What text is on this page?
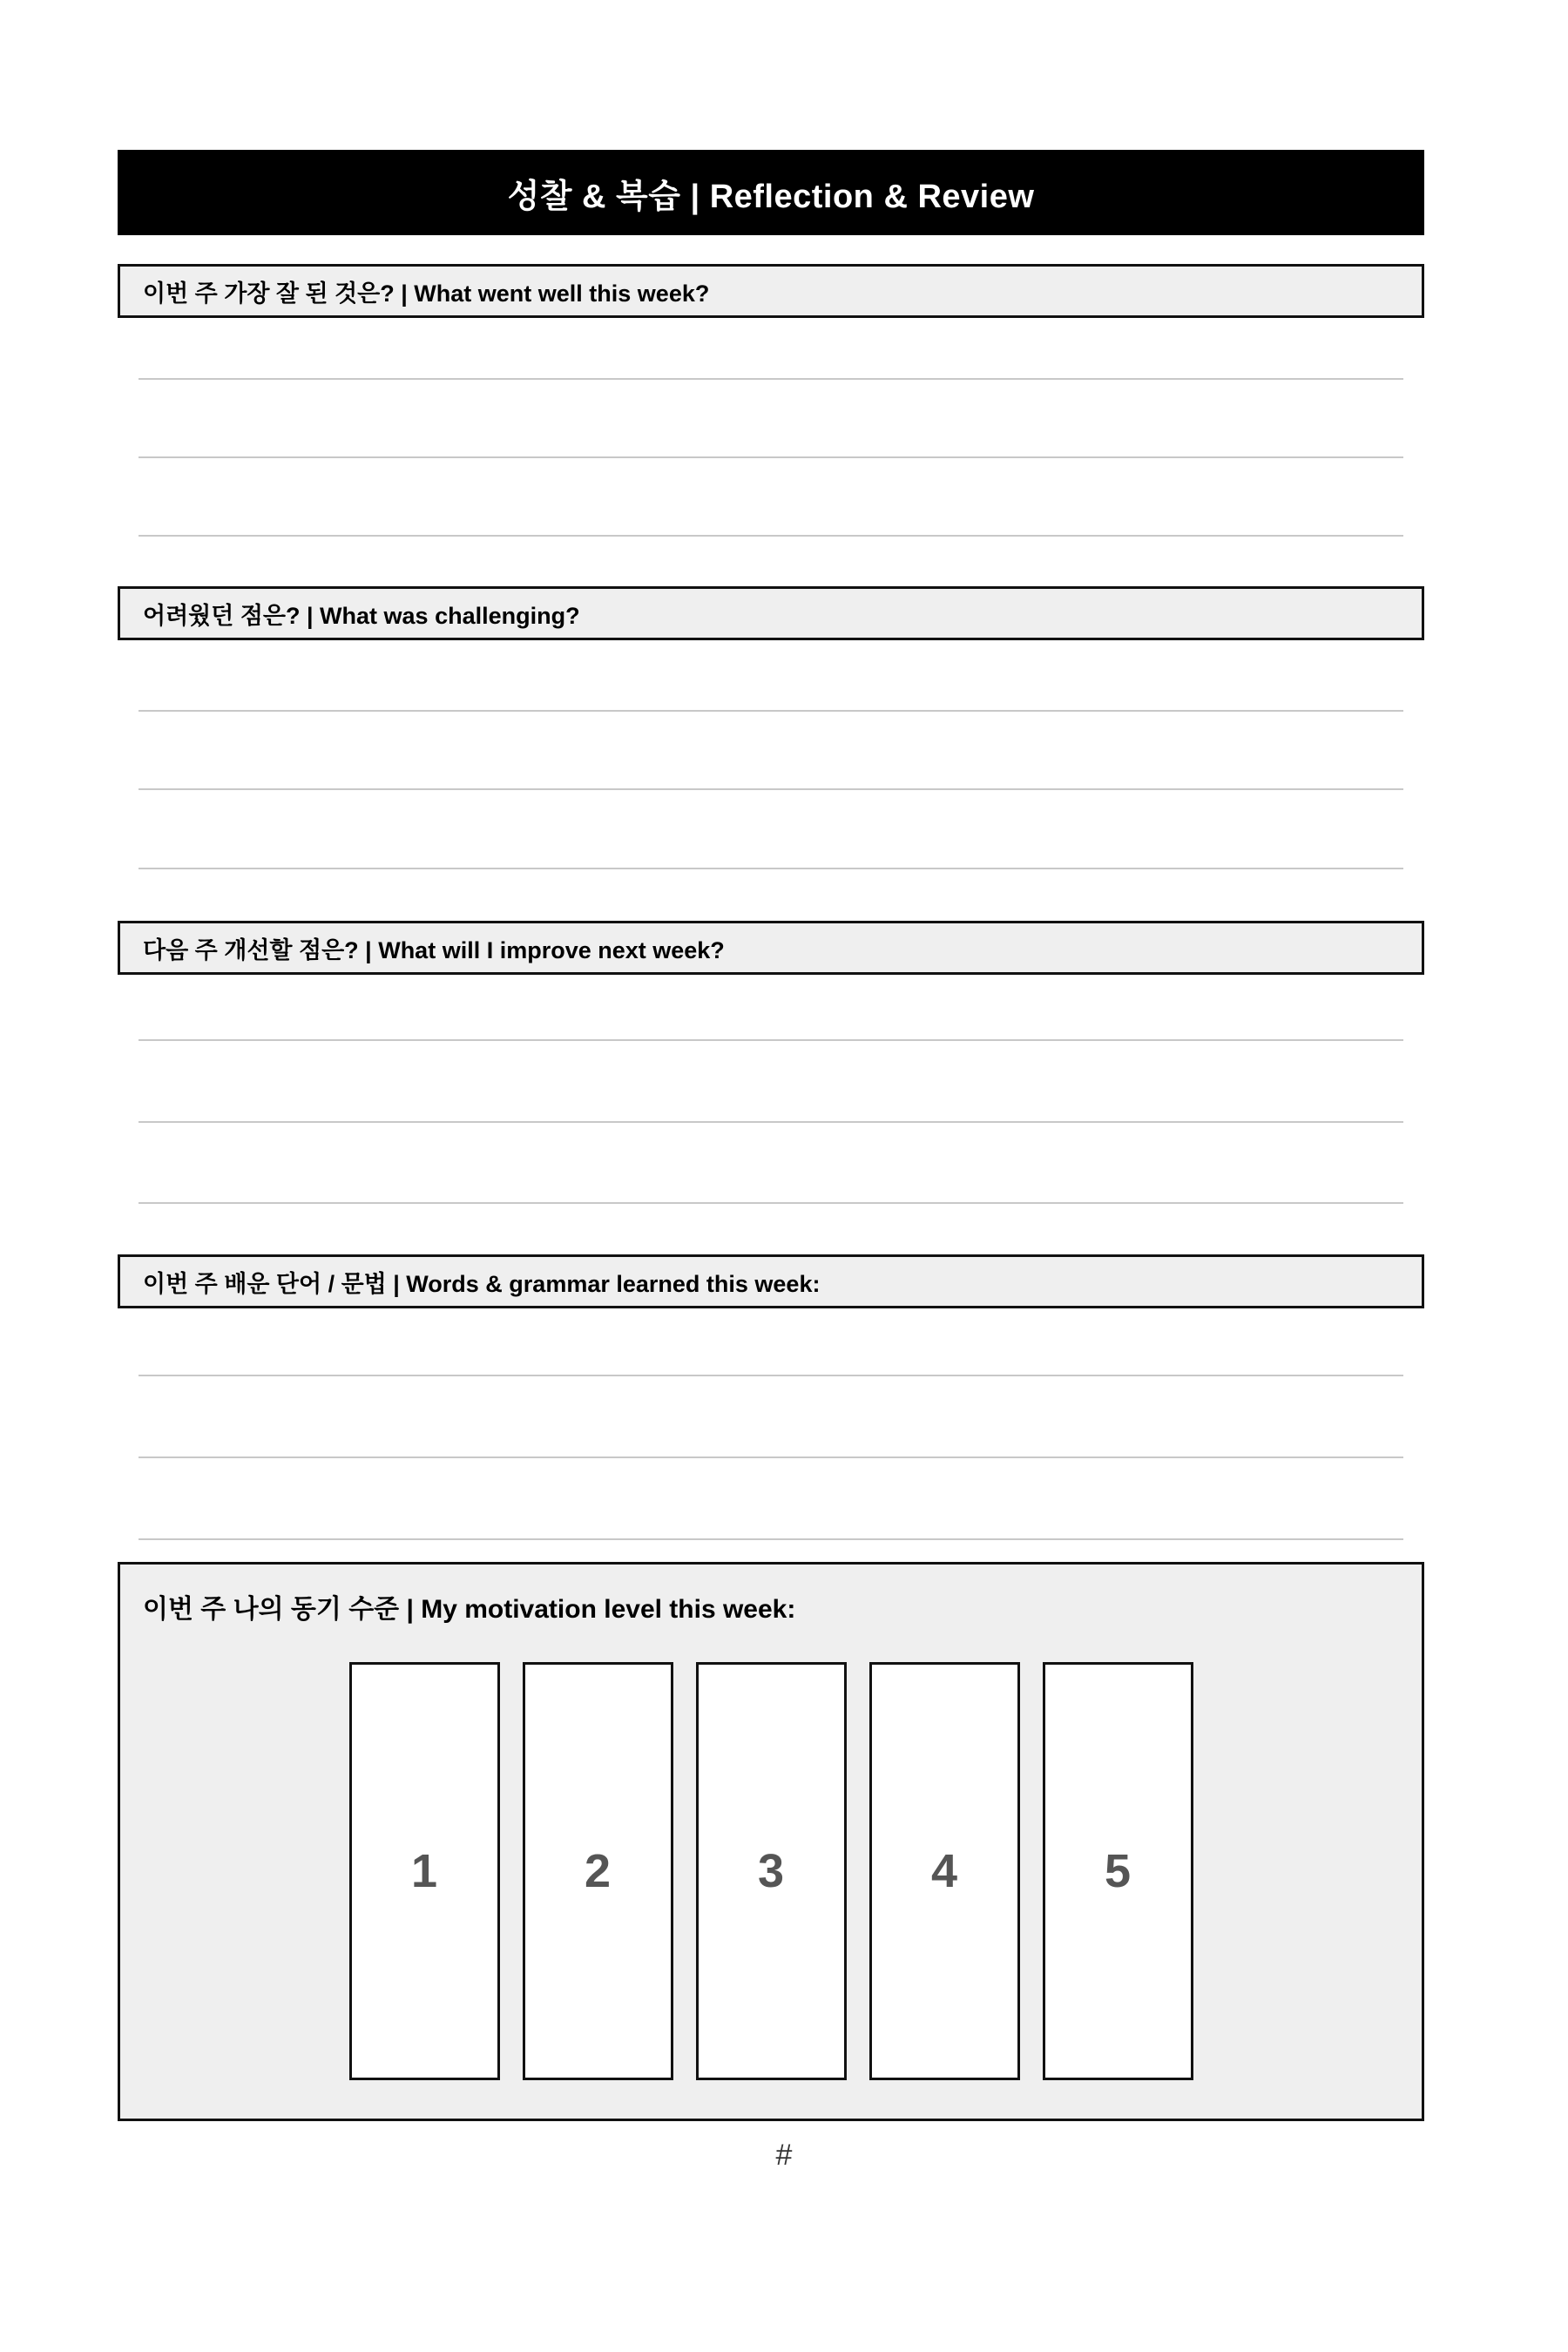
성찰 & 복습 | Reflection & Review
이번 주 가장 잘 된 것은? | What went well this week?
어려웠던 점은? | What was challenging?
다음 주 개선할 점은? | What will I improve next week?
이번 주 배운 단어 / 문법 | Words & grammar learned this week:
이번 주 나의 동기 수준 | My motivation level this week:
1	2	3	4	5
#
